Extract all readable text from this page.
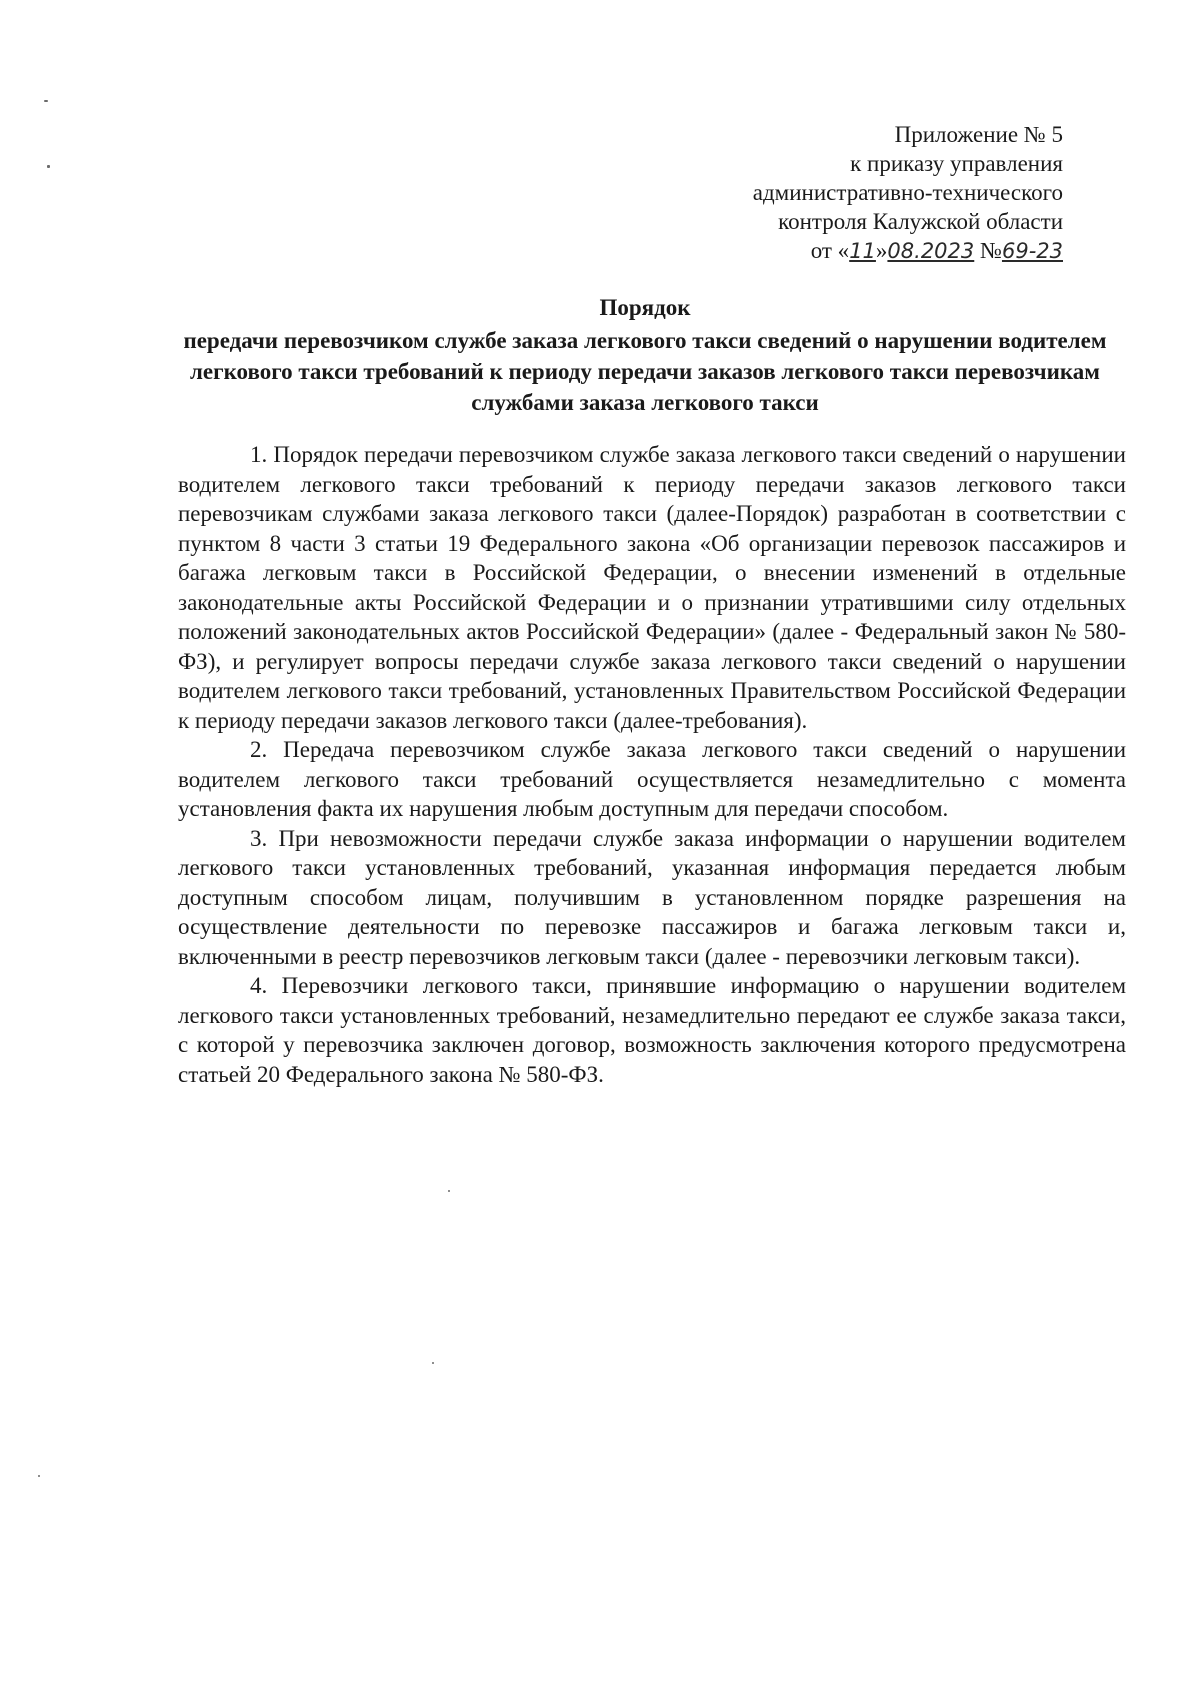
Приложение № 5
к приказу управления
административно-технического
контроля Калужской области
от «11»08.2023 №69-23
Порядок
передачи перевозчиком службе заказа легкового такси сведений о нарушении водителем легкового такси требований к периоду передачи заказов легкового такси перевозчикам службами заказа легкового такси

1. Порядок передачи перевозчиком службе заказа легкового такси сведений о нарушении водителем легкового такси требований к периоду передачи заказов легкового такси перевозчикам службами заказа легкового такси (далее-Порядок) разработан в соответствии с пунктом 8 части 3 статьи 19 Федерального закона «Об организации перевозок пассажиров и багажа легковым такси в Российской Федерации, о внесении изменений в отдельные законодательные акты Российской Федерации и о признании утратившими силу отдельных положений законодательных актов Российской Федерации» (далее - Федеральный закон № 580-ФЗ), и регулирует вопросы передачи службе заказа легкового такси сведений о нарушении водителем легкового такси требований, установленных Правительством Российской Федерации к периоду передачи заказов легкового такси (далее-требования).

2. Передача перевозчиком службе заказа легкового такси сведений о нарушении водителем легкового такси требований осуществляется незамедлительно с момента установления факта их нарушения любым доступным для передачи способом.

3. При невозможности передачи службе заказа информации о нарушении водителем легкового такси установленных требований, указанная информация передается любым доступным способом лицам, получившим в установленном порядке разрешения на осуществление деятельности по перевозке пассажиров и багажа легковым такси и, включенными в реестр перевозчиков легковым такси (далее - перевозчики легковым такси).

4. Перевозчики легкового такси, принявшие информацию о нарушении водителем легкового такси установленных требований, незамедлительно передают ее службе заказа такси, с которой у перевозчика заключен договор, возможность заключения которого предусмотрена статьей 20 Федерального закона № 580-ФЗ.
